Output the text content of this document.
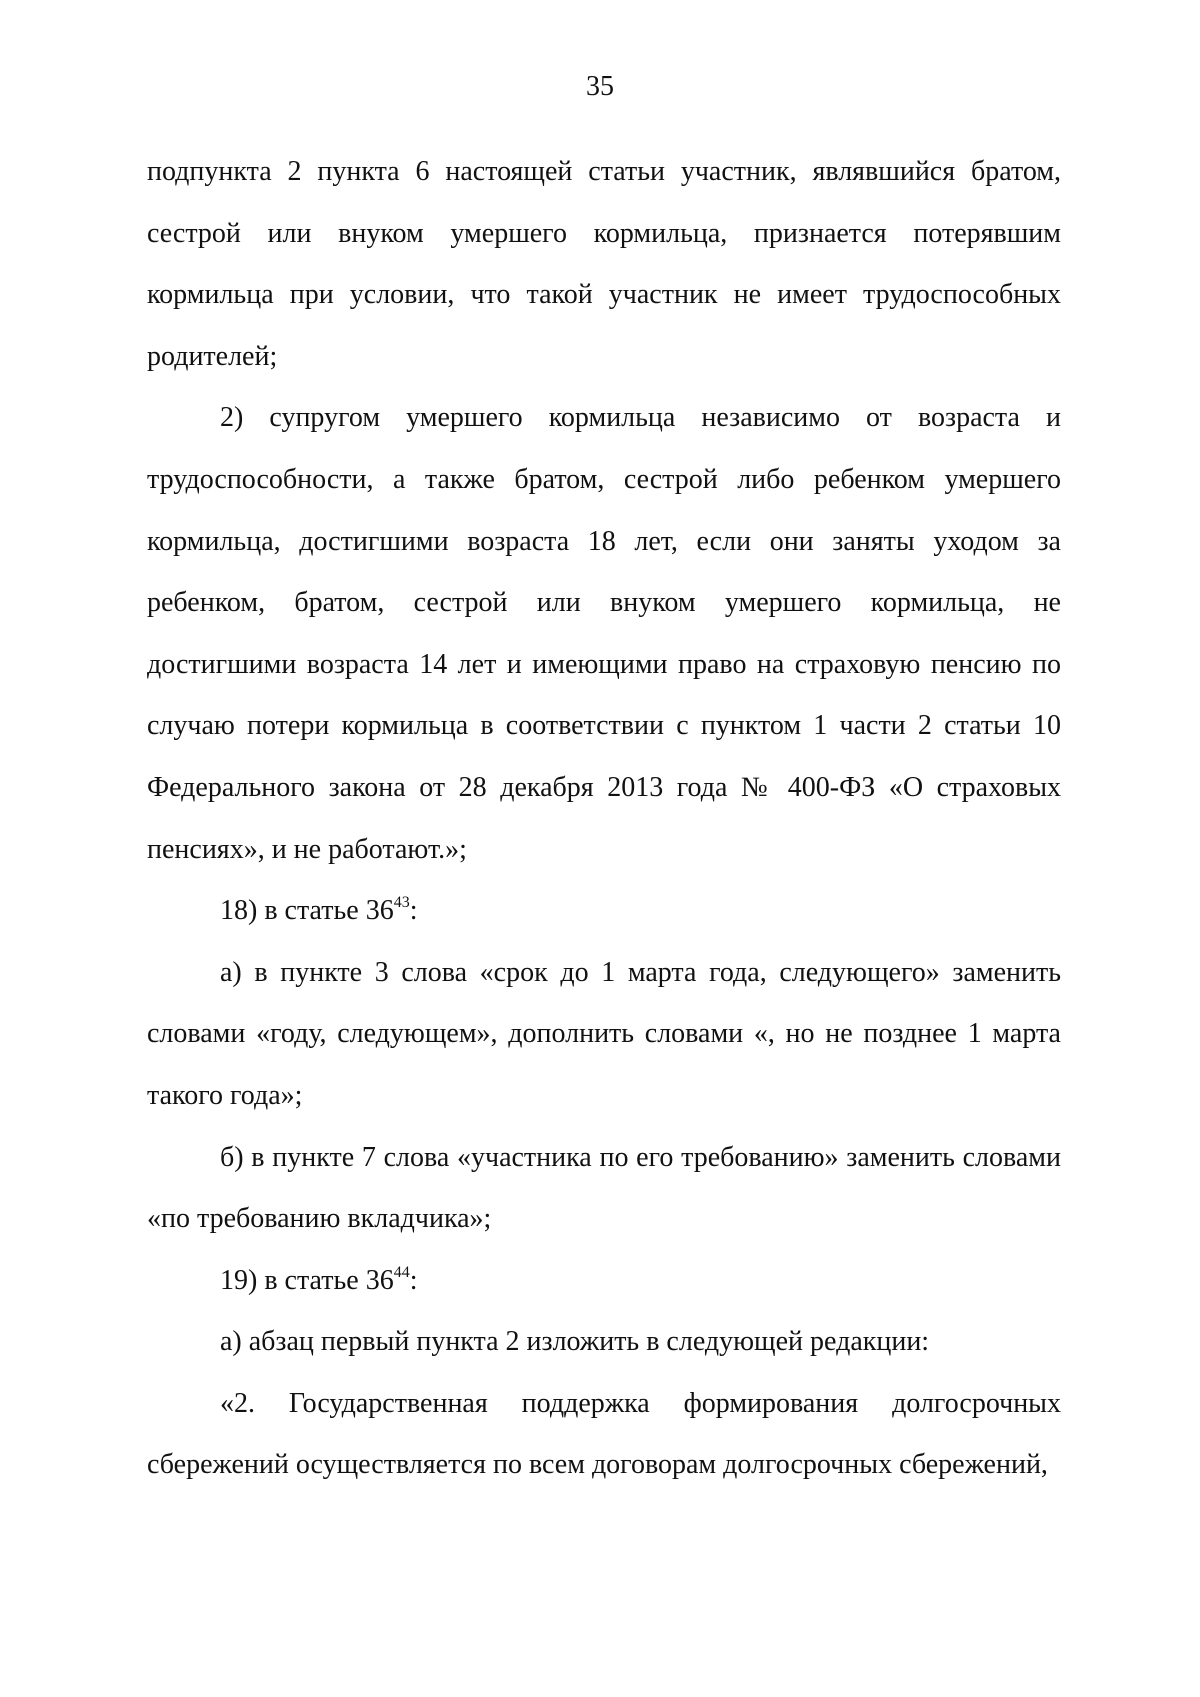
35

подпункта 2 пункта 6 настоящей статьи участник, являвшийся братом, сестрой или внуком умершего кормильца, признается потерявшим кормильца при условии, что такой участник не имеет трудоспособных родителей;

2) супругом умершего кормильца независимо от возраста и трудоспособности, а также братом, сестрой либо ребенком умершего кормильца, достигшими возраста 18 лет, если они заняты уходом за ребенком, братом, сестрой или внуком умершего кормильца, не достигшими возраста 14 лет и имеющими право на страховую пенсию по случаю потери кормильца в соответствии с пунктом 1 части 2 статьи 10 Федерального закона от 28 декабря 2013 года № 400-ФЗ «О страховых пенсиях», и не работают.»;

18) в статье $36^{43}$:

а) в пункте 3 слова «срок до 1 марта года, следующего» заменить словами «году, следующем», дополнить словами «, но не позднее 1 марта такого года»;

б) в пункте 7 слова «участника по его требованию» заменить словами «по требованию вкладчика»;

19) в статье $36^{44}$:

а) абзац первый пункта 2 изложить в следующей редакции:

«2. Государственная поддержка формирования долгосрочных сбережений осуществляется по всем договорам долгосрочных сбережений,
